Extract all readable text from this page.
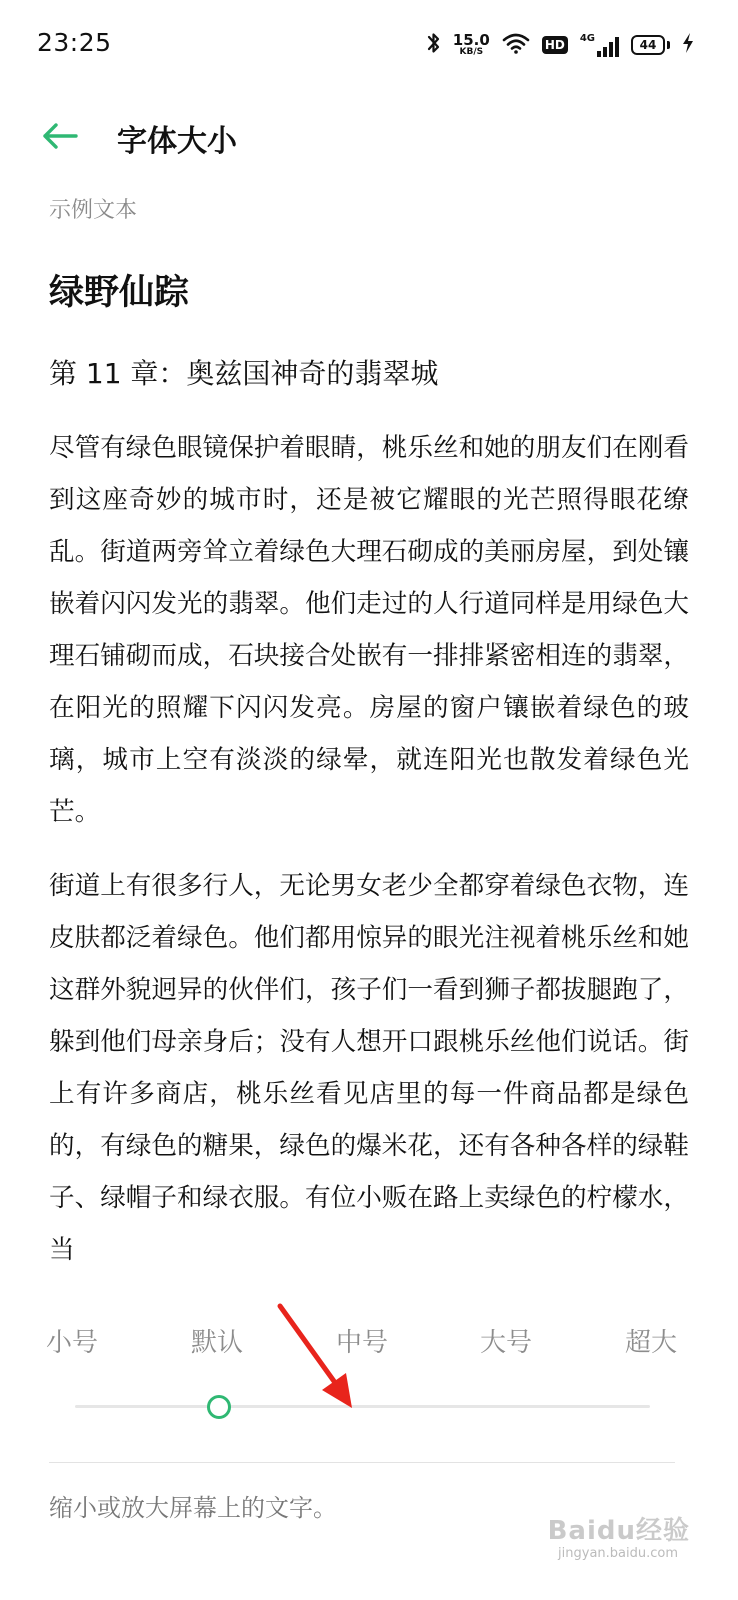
23:25	15.0
KB/S	HD	4G	44
字体大小
示例文本
绿野仙踪
第 11 章：奥兹国神奇的翡翠城
尽管有绿色眼镜保护着眼睛，桃乐丝和她的朋友们在刚看到这座奇妙的城市时，还是被它耀眼的光芒照得眼花缭乱。街道两旁耸立着绿色大理石砌成的美丽房屋，到处镶嵌着闪闪发光的翡翠。他们走过的人行道同样是用绿色大理石铺砌而成，石块接合处嵌有一排排紧密相连的翡翠，在阳光的照耀下闪闪发亮。房屋的窗户镶嵌着绿色的玻璃，城市上空有淡淡的绿晕，就连阳光也散发着绿色光芒。
街道上有很多行人，无论男女老少全都穿着绿色衣物，连皮肤都泛着绿色。他们都用惊异的眼光注视着桃乐丝和她这群外貌迥异的伙伴们，孩子们一看到狮子都拔腿跑了，躲到他们母亲身后；没有人想开口跟桃乐丝他们说话。街上有许多商店，桃乐丝看见店里的每一件商品都是绿色的，有绿色的糖果，绿色的爆米花，还有各种各样的绿鞋子、绿帽子和绿衣服。有位小贩在路上卖绿色的柠檬水，当
小号	默认	中号	大号	超大
缩小或放大屏幕上的文字。
Baidu经验
jingyan.baidu.com
